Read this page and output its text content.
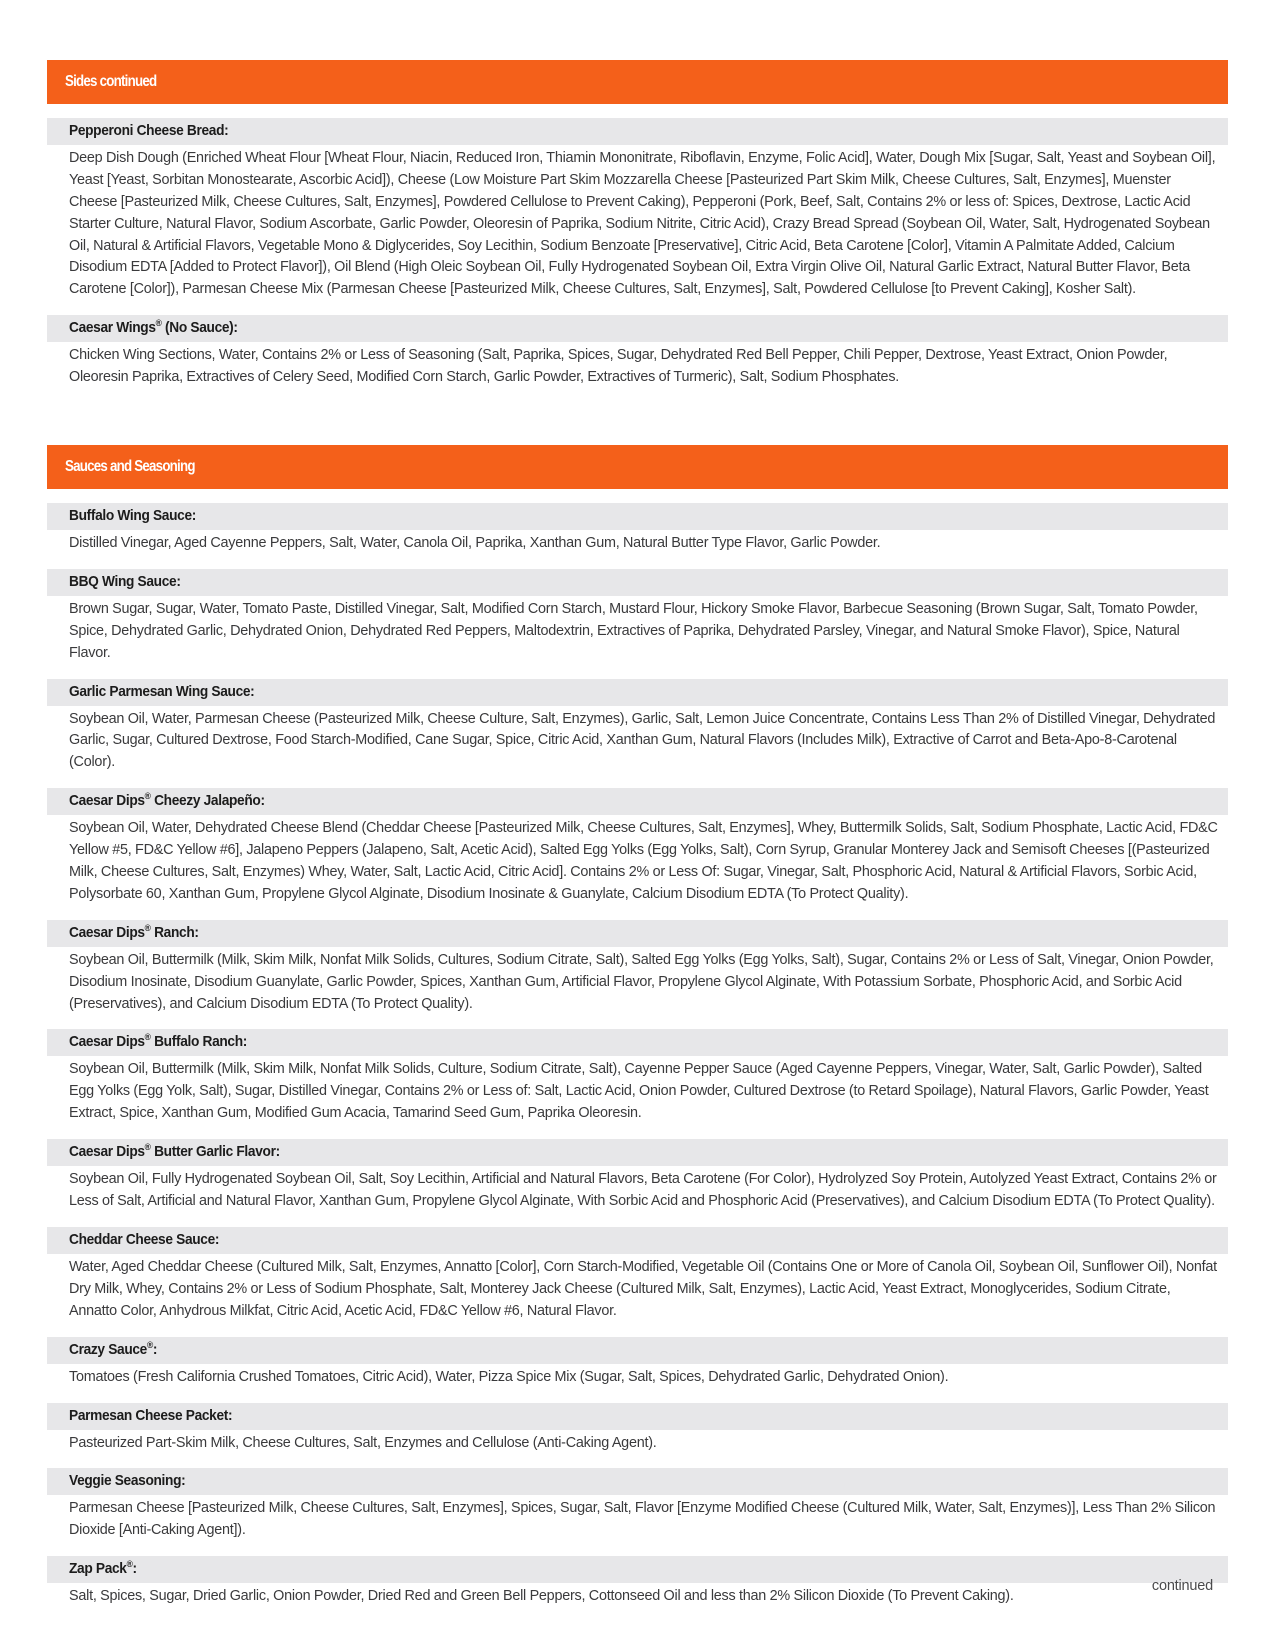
Sides continued
Pepperoni Cheese Bread:
Deep Dish Dough (Enriched Wheat Flour [Wheat Flour, Niacin, Reduced Iron, Thiamin Mononitrate, Riboflavin, Enzyme, Folic Acid], Water, Dough Mix [Sugar, Salt, Yeast and Soybean Oil], Yeast [Yeast, Sorbitan Monostearate, Ascorbic Acid]), Cheese (Low Moisture Part Skim Mozzarella Cheese [Pasteurized Part Skim Milk, Cheese Cultures, Salt, Enzymes], Muenster Cheese [Pasteurized Milk, Cheese Cultures, Salt, Enzymes], Powdered Cellulose to Prevent Caking), Pepperoni (Pork, Beef, Salt, Contains 2% or less of: Spices, Dextrose, Lactic Acid Starter Culture, Natural Flavor, Sodium Ascorbate, Garlic Powder, Oleoresin of Paprika, Sodium Nitrite, Citric Acid), Crazy Bread Spread (Soybean Oil, Water, Salt, Hydrogenated Soybean Oil, Natural & Artificial Flavors, Vegetable Mono & Diglycerides, Soy Lecithin, Sodium Benzoate [Preservative], Citric Acid, Beta Carotene [Color], Vitamin A Palmitate Added, Calcium Disodium EDTA [Added to Protect Flavor]), Oil Blend (High Oleic Soybean Oil, Fully Hydrogenated Soybean Oil, Extra Virgin Olive Oil, Natural Garlic Extract, Natural Butter Flavor, Beta Carotene [Color]), Parmesan Cheese Mix (Parmesan Cheese [Pasteurized Milk, Cheese Cultures, Salt, Enzymes], Salt, Powdered Cellulose [to Prevent Caking], Kosher Salt).
Caesar Wings® (No Sauce):
Chicken Wing Sections, Water, Contains 2% or Less of Seasoning (Salt, Paprika, Spices, Sugar, Dehydrated Red Bell Pepper, Chili Pepper, Dextrose, Yeast Extract, Onion Powder, Oleoresin Paprika, Extractives of Celery Seed, Modified Corn Starch, Garlic Powder, Extractives of Turmeric), Salt, Sodium Phosphates.
Sauces and Seasoning
Buffalo Wing Sauce:
Distilled Vinegar, Aged Cayenne Peppers, Salt, Water, Canola Oil, Paprika, Xanthan Gum, Natural Butter Type Flavor, Garlic Powder.
BBQ Wing Sauce:
Brown Sugar, Sugar, Water, Tomato Paste, Distilled Vinegar, Salt, Modified Corn Starch, Mustard Flour, Hickory Smoke Flavor, Barbecue Seasoning (Brown Sugar, Salt, Tomato Powder, Spice, Dehydrated Garlic, Dehydrated Onion, Dehydrated Red Peppers, Maltodextrin, Extractives of Paprika, Dehydrated Parsley, Vinegar, and Natural Smoke Flavor), Spice, Natural Flavor.
Garlic Parmesan Wing Sauce:
Soybean Oil, Water, Parmesan Cheese (Pasteurized Milk, Cheese Culture, Salt, Enzymes), Garlic, Salt, Lemon Juice Concentrate, Contains Less Than 2% of Distilled Vinegar, Dehydrated Garlic, Sugar, Cultured Dextrose, Food Starch-Modified, Cane Sugar, Spice, Citric Acid, Xanthan Gum, Natural Flavors (Includes Milk), Extractive of Carrot and Beta-Apo-8-Carotenal (Color).
Caesar Dips® Cheezy Jalapeño:
Soybean Oil, Water, Dehydrated Cheese Blend (Cheddar Cheese [Pasteurized Milk, Cheese Cultures, Salt, Enzymes], Whey, Buttermilk Solids, Salt, Sodium Phosphate, Lactic Acid, FD&C Yellow #5, FD&C Yellow #6], Jalapeno Peppers (Jalapeno, Salt, Acetic Acid), Salted Egg Yolks (Egg Yolks, Salt), Corn Syrup, Granular Monterey Jack and Semisoft Cheeses [(Pasteurized Milk, Cheese Cultures, Salt, Enzymes) Whey, Water, Salt, Lactic Acid, Citric Acid]. Contains 2% or Less Of: Sugar, Vinegar, Salt, Phosphoric Acid, Natural & Artificial Flavors, Sorbic Acid, Polysorbate 60, Xanthan Gum, Propylene Glycol Alginate, Disodium Inosinate & Guanylate, Calcium Disodium EDTA (To Protect Quality).
Caesar Dips® Ranch:
Soybean Oil, Buttermilk (Milk, Skim Milk, Nonfat Milk Solids, Cultures, Sodium Citrate, Salt), Salted Egg Yolks (Egg Yolks, Salt), Sugar, Contains 2% or Less of Salt, Vinegar, Onion Powder, Disodium Inosinate, Disodium Guanylate, Garlic Powder, Spices, Xanthan Gum, Artificial Flavor, Propylene Glycol Alginate, With Potassium Sorbate, Phosphoric Acid, and Sorbic Acid (Preservatives), and Calcium Disodium EDTA (To Protect Quality).
Caesar Dips® Buffalo Ranch:
Soybean Oil, Buttermilk (Milk, Skim Milk, Nonfat Milk Solids, Culture, Sodium Citrate, Salt), Cayenne Pepper Sauce (Aged Cayenne Peppers, Vinegar, Water, Salt, Garlic Powder), Salted Egg Yolks (Egg Yolk, Salt), Sugar, Distilled Vinegar, Contains 2% or Less of: Salt, Lactic Acid, Onion Powder, Cultured Dextrose (to Retard Spoilage), Natural Flavors, Garlic Powder, Yeast Extract, Spice, Xanthan Gum, Modified Gum Acacia, Tamarind Seed Gum, Paprika Oleoresin.
Caesar Dips® Butter Garlic Flavor:
Soybean Oil, Fully Hydrogenated Soybean Oil, Salt, Soy Lecithin, Artificial and Natural Flavors, Beta Carotene (For Color), Hydrolyzed Soy Protein, Autolyzed Yeast Extract, Contains 2% or Less of Salt, Artificial and Natural Flavor, Xanthan Gum, Propylene Glycol Alginate, With Sorbic Acid and Phosphoric Acid (Preservatives), and Calcium Disodium EDTA (To Protect Quality).
Cheddar Cheese Sauce:
Water, Aged Cheddar Cheese (Cultured Milk, Salt, Enzymes, Annatto [Color], Corn Starch-Modified, Vegetable Oil (Contains One or More of Canola Oil, Soybean Oil, Sunflower Oil), Nonfat Dry Milk, Whey, Contains 2% or Less of Sodium Phosphate, Salt, Monterey Jack Cheese (Cultured Milk, Salt, Enzymes), Lactic Acid, Yeast Extract, Monoglycerides, Sodium Citrate, Annatto Color, Anhydrous Milkfat, Citric Acid, Acetic Acid, FD&C Yellow #6, Natural Flavor.
Crazy Sauce®:
Tomatoes (Fresh California Crushed Tomatoes, Citric Acid), Water, Pizza Spice Mix (Sugar, Salt, Spices, Dehydrated Garlic, Dehydrated Onion).
Parmesan Cheese Packet:
Pasteurized Part-Skim Milk, Cheese Cultures, Salt, Enzymes and Cellulose (Anti-Caking Agent).
Veggie Seasoning:
Parmesan Cheese [Pasteurized Milk, Cheese Cultures, Salt, Enzymes], Spices, Sugar, Salt, Flavor [Enzyme Modified Cheese (Cultured Milk, Water, Salt, Enzymes)], Less Than 2% Silicon Dioxide [Anti-Caking Agent]).
Zap Pack®:
Salt, Spices, Sugar, Dried Garlic, Onion Powder, Dried Red and Green Bell Peppers, Cottonseed Oil and less than 2% Silicon Dioxide (To Prevent Caking).
continued
